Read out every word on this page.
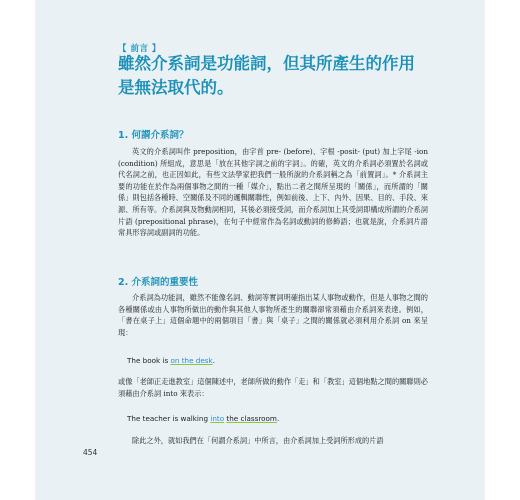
【 前言 】
雖然介系詞是功能詞，但其所產生的作用
是無法取代的。
1. 何謂介系詞？

英文的介系詞叫作 preposition，由字首 pre- (before)、字根 -posit- (put) 加上字尾 -ion (condition) 所組成，意思是「放在其他字詞之前的字詞」。的確，英文的介系詞必須置於名詞或代名詞之前，也正因如此，有些文法學家把我們一般所說的介系詞稱之為「前置詞」。* 介系詞主要的功能在於作為兩個事物之間的一種「媒介」，點出二者之間所呈現的「關係」，而所謂的「關係」則包括各種時、空關係及不同的邏輯關聯性，例如前後、上下、內外、因果、目的、手段、來源、所有等。介系詞與及物動詞相同，其後必須接受詞，而介系詞加上其受詞即構成所謂的介系詞片語 (prepositional phrase)，在句子中經常作為名詞或動詞的修飾語；也就是說，介系詞片語常具形容詞或副詞的功能。

2. 介系詞的重要性

介系詞為功能詞，雖然不能像名詞、動詞等實詞明確指出某人事物或動作，但是人事物之間的各種關係或由人事物所做出的動作與其他人事物所產生的關聯卻常須藉由介系詞來表達。例如，「書在桌子上」這個命題中的兩個項目「書」與「桌子」之間的關係就必須利用介系詞 on 來呈現：

The book is on the desk.

或像「老師正走進教室」這個陳述中，老師所做的動作「走」和「教室」這個地點之間的關聯則必須藉由介系詞 into 來表示：

The teacher is walking into the classroom.

除此之外，就如我們在「何謂介系詞」中所言，由介系詞加上受詞所形成的片語

454
